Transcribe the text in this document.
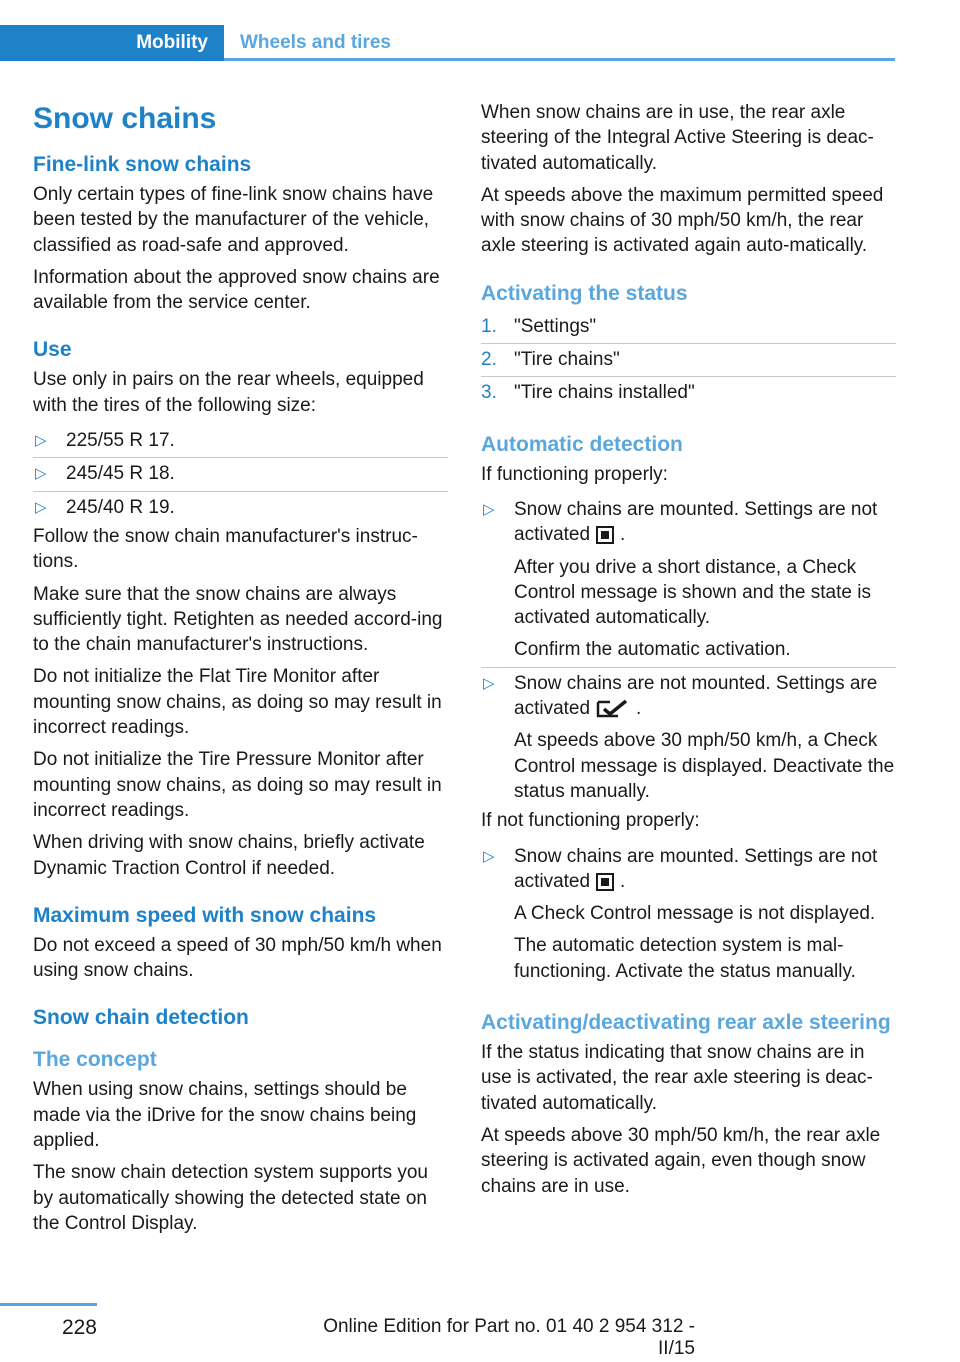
Mobility Wheels and tires
Snow chains
Fine-link snow chains

Only certain types of fine-link snow chains have been tested by the manufacturer of the vehicle, classified as road-safe and approved.

Information about the approved snow chains are available from the service center.

Use

Use only in pairs on the rear wheels, equipped with the tires of the following size:

▷ 225/55 R 17.
▷ 245/45 R 18.
▷ 245/40 R 19.

Follow the snow chain manufacturer's instruc‐tions.

Make sure that the snow chains are always sufficiently tight. Retighten as needed accord‐ing to the chain manufacturer's instructions.

Do not initialize the Flat Tire Monitor after mounting snow chains, as doing so may result in incorrect readings.

Do not initialize the Tire Pressure Monitor after mounting snow chains, as doing so may result in incorrect readings.

When driving with snow chains, briefly activate Dynamic Traction Control if needed.

Maximum speed with snow chains

Do not exceed a speed of 30 mph/50 km/h when using snow chains.

Snow chain detection
The concept

When using snow chains, settings should be made via the iDrive for the snow chains being applied.

The snow chain detection system supports you by automatically showing the detected state on the Control Display.

When snow chains are in use, the rear axle steering of the Integral Active Steering is deac‐tivated automatically.

At speeds above the maximum permitted speed with snow chains of 30 mph/50 km/h, the rear axle steering is activated again auto‐matically.

Activating the status
1. "Settings"
2. "Tire chains"
3. "Tire chains installed"
Automatic detection

If functioning properly:

▷ Snow chains are mounted. Settings are not activated .

After you drive a short distance, a Check Control message is shown and the state is activated automatically.

Confirm the automatic activation.

▷ Snow chains are not mounted. Settings are activated .

At speeds above 30 mph/50 km/h, a Check Control message is displayed. Deactivate the status manually.

If not functioning properly:

▷ Snow chains are mounted. Settings are not activated .

A Check Control message is not displayed.

The automatic detection system is mal‐functioning. Activate the status manually.

Activating/deactivating rear axle steering

If the status indicating that snow chains are in use is activated, the rear axle steering is deac‐tivated automatically.

At speeds above 30 mph/50 km/h, the rear axle steering is activated again, even though snow chains are in use.

228	Online Edition for Part no. 01 40 2 954 312 - II/15
